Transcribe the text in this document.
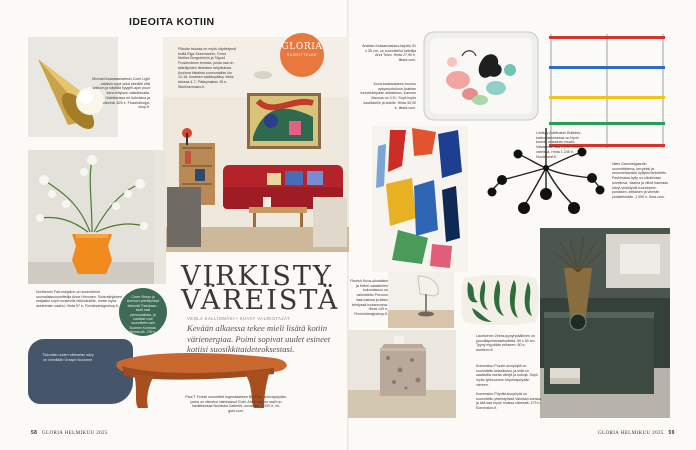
IDEOITA KOTIIN
Michael Anastassiadesin Cone Light -valaisin sopii sekä seinälle että kattoon ja näyttää flyygeli-ajan puun kera erityisen vaikuttavalta. Ostettavissa eri kokoisina ja väreinä. 825 e, Flosshdesign-shop.fi.
Pöksän talossa on myös näyttelyssä esillä Elga Sesemannin, Ernst Mether-Borgströmin ja Sigurd Frosteruksen teoksia, joista osa on taiteilijoiden läheisten lahjoituksia. Avoinna tiistaista sunnuntaihin klo 12-18. Ilmainen sisäänpääsy. Itella-talossa 4-7. Pääsymaksu 15 e, Sibeliusmuseo.fi.
GLORIA
SUOSITTELEE
Northernin Fab-maljakon on suunnitellut suomalaissuunnittelija Anne Hirvonen. Sulavalinjainen maljakko sopii nouseville leikkokukille, mutta myös asetelmien osaksi. Hinta 97 e, Finnishdesignshop.fi.
Cover Storyn ja Arneson yhteistyössä tekemät Thaiskaan -tuolit ovat persoonallisia, ja kankaat ovat suunniteltu vain Suomen Kuviosta. Hinnat alk. 239 e.
Tikkurilan uuden värikartan sävy on nimeltään Graaph Nocturne.
VIRKISTY
VÄREISTÄ
VENLA KALLIOMÄKI • KUVAT VALMISTAJAT
Kevään alkaessa tekee mieli lisätä kotiin värienergiaa. Poimi sopivat uudet esineet kotiisi suosikkitaideteoksestasi.
Paul T. Frankl suunnitteli legendaarisen Big Foot -sohvapöydän, jonka on viimeksi valmistanut Gubi. Aidon kopion malli on hankittavissa Nordiska Galleriet -sivustolta. 2 920 e, nk-gubi.com.
58 GLORIA HELMIKUU 2025
Arabian Kukkamaalaus-tarjotin 51 x 35 cm, on suunnitellut taiteilija Anni Toivo. Hinta 27,90 e, Iittala.com.
Kuva-kaakaokannu kuuluu nykymuotoiluun Arabian tunnetuimpaan astiastoon. Kannun tilavuus on 0,9 l. Sopii myös kastikkeille ja kukille. Hinta 35,90 e, Iittala.com.
Lindsey Adelmanin Bubbles-kattovalaisimessa on hyvin kaunis, klassinen muoto. Valaisimen saa myös muissa väreissä. Hinta 1 245 e, Nordicnest.fi.
Niels Gammelgaardin suunnittelema, kevyeksi ja muunneltavaksi hyllyksi tarkoitettu Pavbinakai-hylly on ulkoilmaan soveltuva. Vaalea ja viileä harmaan sävyt yhdistyvät tuoreeseen punaisen, keltaisen ja vihreän yhdistelmään. 1 059 e, Ikea.com.
Finnish Kuva-yövalaisin ja Helmi-valaisimien kokonaisuus on valmistettu Porvoon lasiruukissa ja käsin tehdyssä tuotannossa. Hinta 149 e, Finnishdesignshop.fi.
Lauritzenin Zebra-tyynynpäällinen on puuvillapellavasekoitetta. 50 x 50 cm. Tyyny myydään erikseen. 80 e, lauritzen.fi.
Kommaton Puzzle-sivupöytä on suunniteltu klassikoksi, ja siitä on saatavilla useita värejä ja kokoja. Sopii myös työhuoneen kirjoituspöydän viereen.
Kommaton Pöydät-sivupöytä on suunniteltu yhteistyössä Valoisan kanssa ja sitä saa myös muissa väreissä. 179 e, Kommaton.fi.
GLORIA HELMIKUU 2025 59
